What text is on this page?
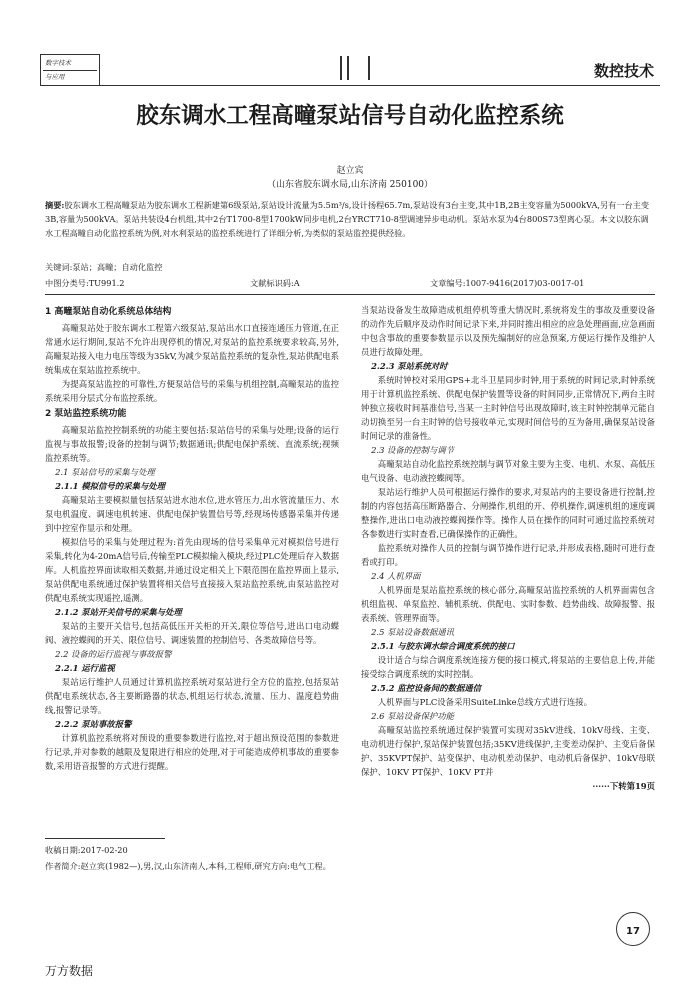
数字技术
与应用	数控技术
胶东调水工程高疃泵站信号自动化监控系统
赵立宾
（山东省胶东调水局,山东济南 250100）
摘要:胶东调水工程高疃泵站为胶东调水工程新建第6级泵站,泵站设计流量为5.5m³/s,设计扬程65.7m,泵站设有3台主变,其中1B,2B主变容量为5000kVA,另有一台主变3B,容量为500kVA。泵站共装设4台机组,其中2台T1700-8型1700kW同步电机,2台YRCT710-8型调速异步电动机。泵站水泵为4台800S73型离心泵。本文以胶东调水工程高疃自动化监控系统为例,对水利泵站的监控系统进行了详细分析,为类似的泵站监控提供经验。
关键词:泵站；高疃；自动化监控
中图分类号:TU991.2	文献标识码:A	文章编号:1007-9416(2017)03-0017-01

1 高疃泵站自动化系统总体结构

高疃泵站处于胶东调水工程第六级泵站,泵站出水口直接连通压力管道,在正常通水运行期间,泵站不允许出现停机的情况,对泵站的监控系统要求较高,另外,高疃泵站接入电力电压等级为35kV,为减少泵站监控系统的复杂性,泵站供配电系统集成在泵站监控系统中。

为提高泵站监控的可靠性,方便泵站信号的采集与机组控制,高疃泵站的监控系统采用分层式分布监控系统。

2 泵站监控系统功能

高疃泵站监控控制系统的功能主要包括:泵站信号的采集与处理;设备的运行监视与事故报警;设备的控制与调节;数据通讯;供配电保护系统、直流系统;视频监控系统等。

2.1 泵站信号的采集与处理

2.1.1 模拟信号的采集与处理

高疃泵站主要模拟量包括泵站进水池水位,进水管压力,出水管流量压力、水泵电机温度、调速电机转速、供配电保护装置信号等,经现场传感器采集并传递到中控室作显示和处理。

模拟信号的采集与处理过程为:首先由现场的信号采集单元对模拟信号进行采集,转化为4-20mA信号后,传输至PLC模拟输入模块,经过PLC处理后存入数据库。人机监控界面读取相关数据,并通过设定相关上下限范围在监控界面上显示,泵站供配电系统通过保护装置将相关信号直接接入泵站监控系统,由泵站监控对供配电系统实现遥控,遥测。

2.1.2 泵站开关信号的采集与处理

泵站的主要开关信号,包括高低压开关柜的开关,限位等信号,进出口电动蝶阀、液控蝶阀的开关、限位信号、调速装置的控制信号、各类故障信号等。

2.2 设备的运行监视与事故报警

2.2.1 运行监视

泵站运行维护人员通过计算机监控系统对泵站进行全方位的监控,包括泵站供配电系统状态,各主要断路器的状态,机组运行状态,流量、压力、温度趋势曲线,报警记录等。

2.2.2 泵站事故报警

计算机监控系统将对预设的重要参数进行监控,对于超出预设范围的参数进行记录,并对参数的越限及复限进行相应的处理,对于可能造成停机事故的重要参数,采用语音报警的方式进行提醒。

当泵站设备发生故障造成机组停机等重大情况时,系统将发生的事故及重要设备的动作先后顺序及动作时间记录下来,并同时推出相应的应急处理画面,应急画面中包含事故的重要参数显示以及预先编制好的应急预案,方便运行操作及维护人员进行故障处理。

2.2.3 泵站系统对时

系统时钟校对采用GPS+北斗卫星同步时钟,用于系统的时间记录,时钟系统用于计算机监控系统、供配电保护装置等设备的时间同步,正常情况下,两台主时钟独立接收时间基准信号,当某一主时钟信号出现故障时,该主时钟控制单元能自动切换至另一台主时钟的信号接收单元,实现时间信号的互为备用,确保泵站设备时间记录的准备性。

2.3 设备的控制与调节

高疃泵站自动化监控系统控制与调节对象主要为主变、电机、水泵、高低压电气设备、电动液控蝶阀等。

泵站运行维护人员可根据运行操作的要求,对泵站内的主要设备进行控制,控制的内容包括高压断路器合、分闸操作,机组的开、停机操作,调速机组的速度调整操作,进出口电动液控蝶阀操作等。操作人员在操作的同时可通过监控系统对各参数进行实时查看,已确保操作的正确性。

监控系统对操作人员的控制与调节操作进行记录,并形成表格,随时可进行查看或打印。

2.4 人机界面

人机界面是泵站监控系统的核心部分,高疃泵站监控系统的人机界面需包含机组监视、单泵监控、辅机系统、供配电、实时参数、趋势曲线、故障报警、报表系统、管理界面等。

2.5 泵站设备数据通讯

2.5.1 与胶东调水综合调度系统的接口

设计适合与综合调度系统连接方便的接口模式,将泵站的主要信息上传,并能接受综合调度系统的实时控制。

2.5.2 监控设备间的数据通信

人机界面与PLC设备采用SuiteLinke总线方式进行连接。

2.6 泵站设备保护功能

高疃泵站监控系统通过保护装置可实现对35kV进线、10kV母线、主变、电动机进行保护,泵站保护装置包括;35KV进线保护,主变差动保护、主变后备保护、35KVPT保护、站变保护、电动机差动保护、电动机后备保护、10kV母联保护、10KV PT保护、10KV PT并

······下转第19页

收稿日期:2017-02-20
作者简介:赵立宾(1982—),男,汉,山东济南人,本科,工程师,研究方向:电气工程。
17
万方数据
